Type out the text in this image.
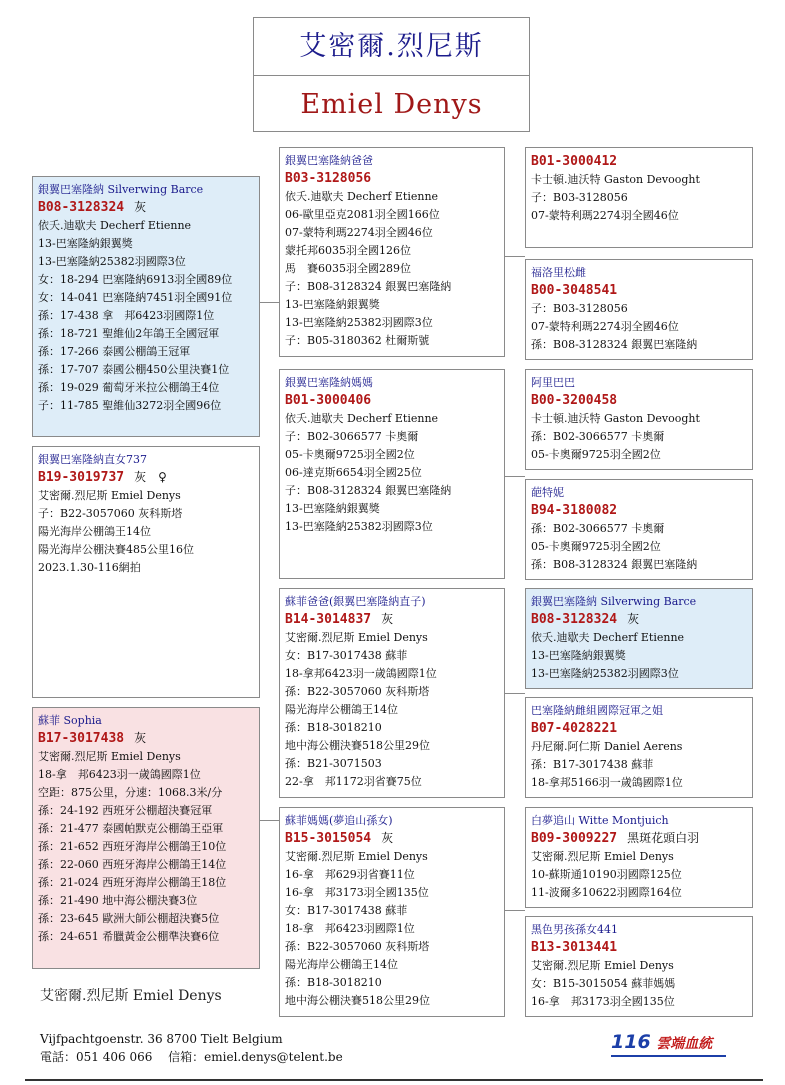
艾密爾.烈尼斯
Emiel Denys
銀翼巴塞隆納 Silverwing Barce
B08-3128324 灰
依夭.迪歇夫 Decherf Etienne
13-巴塞隆納銀翼獎
13-巴塞隆納25382羽國際3位
女：18-294 巴塞隆納6913羽全國89位
女：14-041 巴塞隆納7451羽全國91位
孫：17-438 拿　邦6423羽國際1位
孫：18-721 聖維仙2年鴿王全國冠軍
孫：17-266 泰國公棚鴿王冠軍
孫：17-707 泰國公棚450公里決賽1位
孫：19-029 葡萄牙米拉公棚鴿王4位
子：11-785 聖維仙3272羽全國96位
銀翼巴塞隆納直女737
B19-3019737 灰　♀
艾密爾.烈尼斯 Emiel Denys
子：B22-3057060 灰科斯塔
陽光海岸公棚鴿王14位
陽光海岸公棚決賽485公里16位
2023.1.30-116網拍
蘇菲 Sophia
B17-3017438 灰
艾密爾.烈尼斯 Emiel Denys
18-拿　邦6423羽一歲鴿國際1位
空距：875公里，分速：1068.3米/分
孫：24-192 西班牙公棚超決賽冠軍
孫：21-477 泰國帕默克公棚鴿王亞軍
孫：21-652 西班牙海岸公棚鴿王10位
孫：22-060 西班牙海岸公棚鴿王14位
孫：21-024 西班牙海岸公棚鴿王18位
孫：21-490 地中海公棚決賽3位
孫：23-645 歐洲大師公棚超決賽5位
孫：24-651 希臘黃金公棚準決賽6位
銀翼巴塞隆納爸爸
B03-3128056
依夭.迪歇夫 Decherf Etienne
06-歐里亞克2081羽全國166位
07-蒙特利瑪2274羽全國46位
蒙托邦6035羽全國126位
馬　賽6035羽全國289位
子：B08-3128324 銀翼巴塞隆納
13-巴塞隆納銀翼獎
13-巴塞隆納25382羽國際3位
子：B05-3180362 杜爾斯號
銀翼巴塞隆納媽媽
B01-3000406
依夭.迪歇夫 Decherf Etienne
子：B02-3066577 卡奧爾
05-卡奧爾9725羽全國2位
06-達克斯6654羽全國25位
子：B08-3128324 銀翼巴塞隆納
13-巴塞隆納銀翼獎
13-巴塞隆納25382羽國際3位
蘇菲爸爸(銀翼巴塞隆納直子)
B14-3014837 灰
艾密爾.烈尼斯 Emiel Denys
女：B17-3017438 蘇菲
18-拿邦6423羽一歲鴿國際1位
孫：B22-3057060 灰科斯塔
陽光海岸公棚鴿王14位
孫：B18-3018210
地中海公棚決賽518公里29位
孫：B21-3071503
22-拿　邦1172羽省賽75位
蘇菲媽媽(夢追山孫女)
B15-3015054 灰
艾密爾.烈尼斯 Emiel Denys
16-拿　邦629羽省賽11位
16-拿　邦3173羽全國135位
女：B17-3017438 蘇菲
18-拿　邦6423羽國際1位
孫：B22-3057060 灰科斯塔
陽光海岸公棚鴿王14位
孫：B18-3018210
地中海公棚決賽518公里29位
B01-3000412
卡士頓.迪沃特 Gaston Devooght
子：B03-3128056
07-蒙特利瑪2274羽全國46位
福洛里松雌
B00-3048541
子：B03-3128056
07-蒙特利瑪2274羽全國46位
孫：B08-3128324 銀翼巴塞隆納
阿里巴巴
B00-3200458
卡士頓.迪沃特 Gaston Devooght
孫：B02-3066577 卡奧爾
05-卡奧爾9725羽全國2位
葩特妮
B94-3180082
孫：B02-3066577 卡奧爾
05-卡奧爾9725羽全國2位
孫：B08-3128324 銀翼巴塞隆納
銀翼巴塞隆納 Silverwing Barce
B08-3128324 灰
依夭.迪歇夫 Decherf Etienne
13-巴塞隆納銀翼獎
13-巴塞隆納25382羽國際3位
巴塞隆納雌組國際冠軍之姐
B07-4028221
丹尼爾.阿仁斯 Daniel Aerens
孫：B17-3017438 蘇菲
18-拿邦5166羽一歲鴿國際1位
白夢追山 Witte Montjuich
B09-3009227 黑斑花頭白羽
艾密爾.烈尼斯 Emiel Denys
10-蘇斯通10190羽國際125位
11-波爾多10622羽國際164位
黑色男孩孫女441
B13-3013441
艾密爾.烈尼斯 Emiel Denys
女：B15-3015054 蘇菲媽媽
16-拿　邦3173羽全國135位
艾密爾.烈尼斯 Emiel Denys
Vijfpachtgoenstr. 36 8700 Tielt Belgium
電話：051 406 066　 信箱：emiel.denys@telent.be
116 雲端血統
